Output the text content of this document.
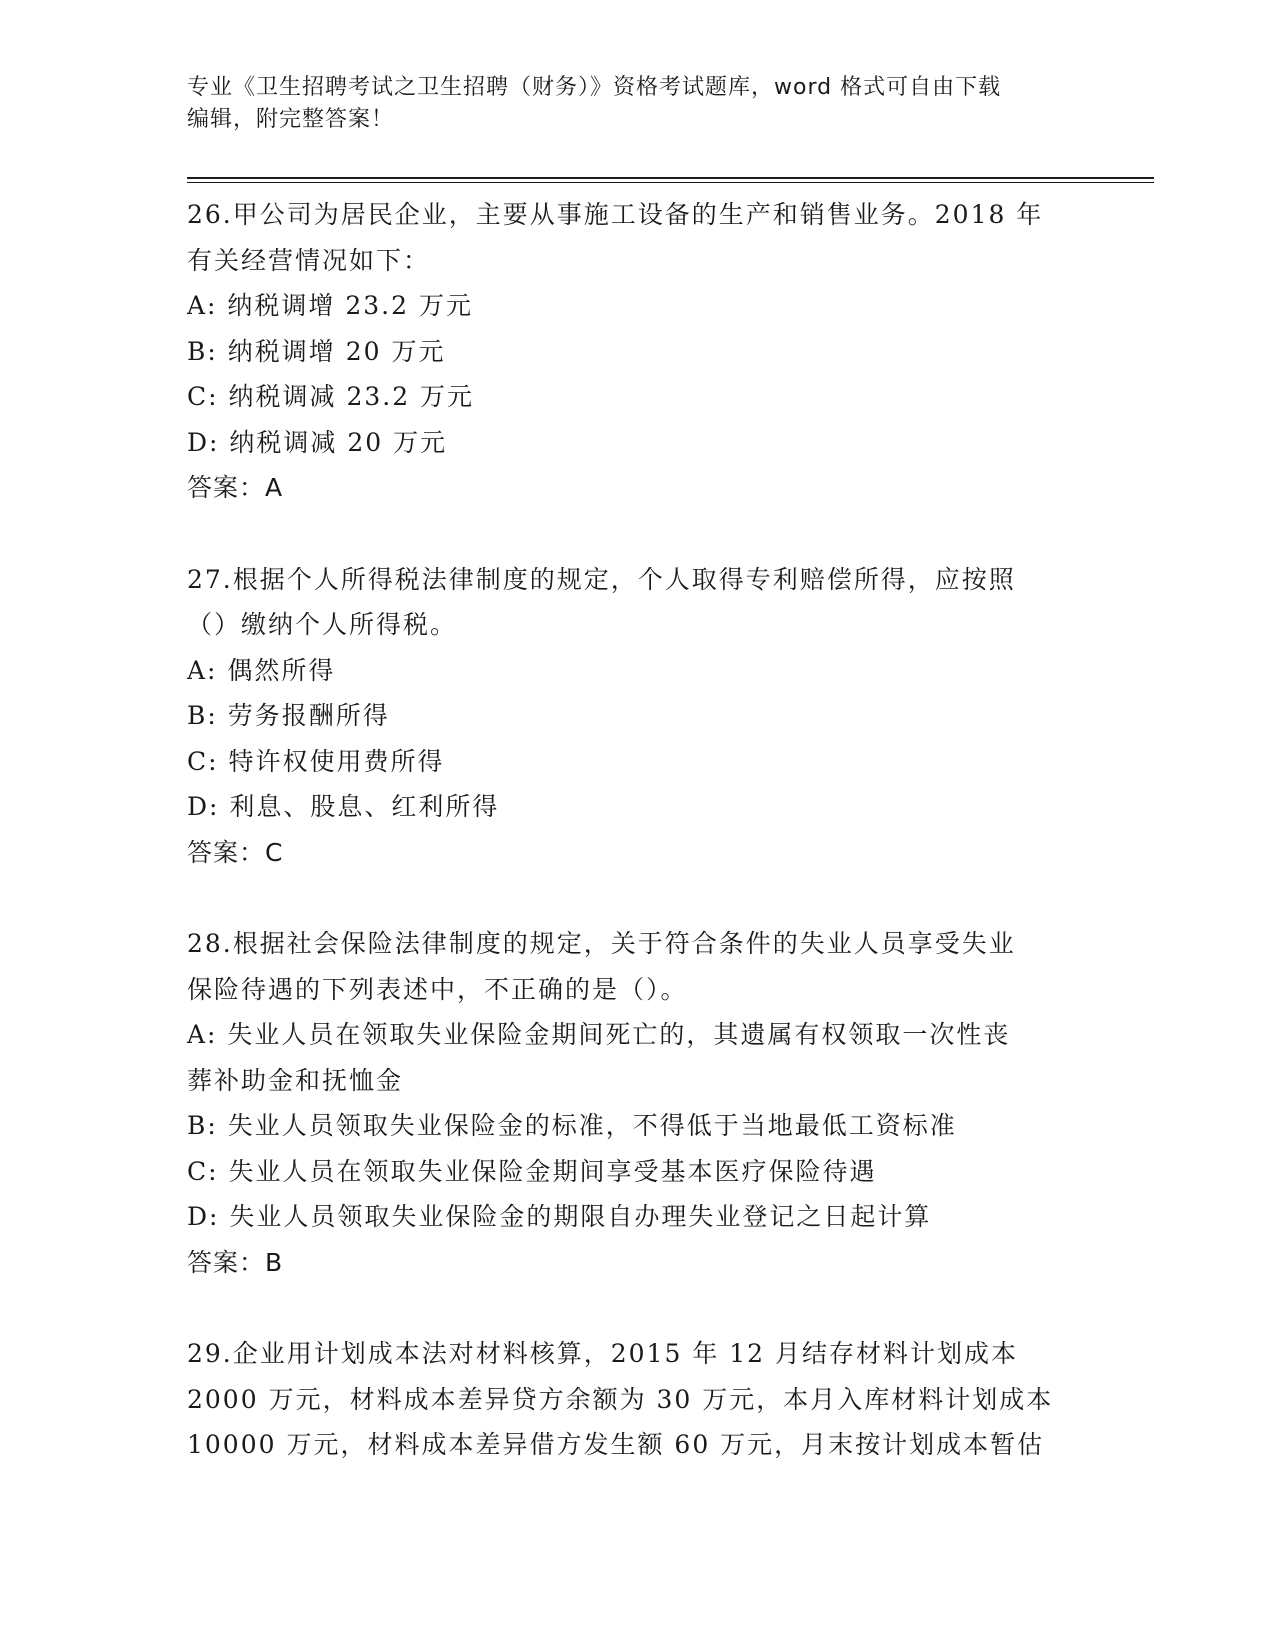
专业《卫生招聘考试之卫生招聘（财务）》资格考试题库，word 格式可自由下载
编辑，附完整答案！
26.甲公司为居民企业，主要从事施工设备的生产和销售业务。2018 年
有关经营情况如下：
A: 纳税调增 23.2 万元
B: 纳税调增 20 万元
C: 纳税调减 23.2 万元
D: 纳税调减 20 万元
答案：A
27.根据个人所得税法律制度的规定，个人取得专利赔偿所得，应按照
（）缴纳个人所得税。
A: 偶然所得
B: 劳务报酬所得
C: 特许权使用费所得
D: 利息、股息、红利所得
答案：C
28.根据社会保险法律制度的规定，关于符合条件的失业人员享受失业
保险待遇的下列表述中，不正确的是（）。
A: 失业人员在领取失业保险金期间死亡的，其遗属有权领取一次性丧
葬补助金和抚恤金
B: 失业人员领取失业保险金的标准，不得低于当地最低工资标准
C: 失业人员在领取失业保险金期间享受基本医疗保险待遇
D: 失业人员领取失业保险金的期限自办理失业登记之日起计算
答案：B
29.企业用计划成本法对材料核算，2015 年 12 月结存材料计划成本
2000 万元，材料成本差异贷方余额为 30 万元，本月入库材料计划成本
10000 万元，材料成本差异借方发生额 60 万元，月末按计划成本暂估
